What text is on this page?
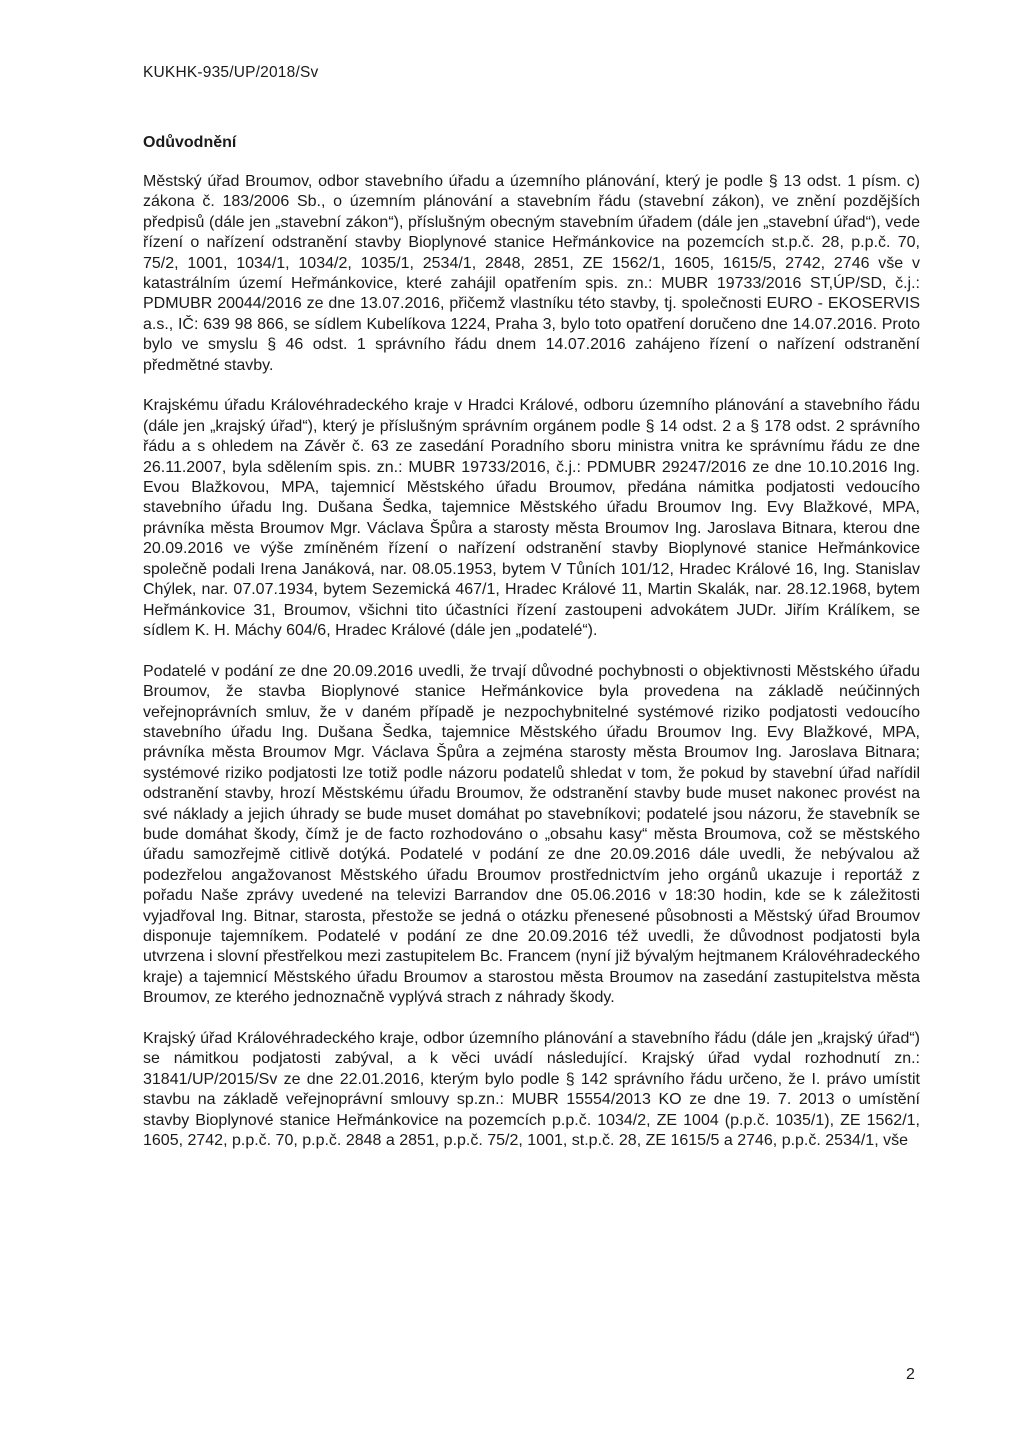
KUKHK-935/UP/2018/Sv
Odůvodnění

Městský úřad Broumov, odbor stavebního úřadu a územního plánování, který je podle § 13 odst. 1 písm. c) zákona č. 183/2006 Sb., o územním plánování a stavebním řádu (stavební zákon), ve znění pozdějších předpisů (dále jen „stavební zákon“), příslušným obecným stavebním úřadem (dále jen „stavební úřad“), vede řízení o nařízení odstranění stavby Bioplynové stanice Heřmánkovice na pozemcích st.p.č. 28, p.p.č. 70, 75/2, 1001, 1034/1, 1034/2, 1035/1, 2534/1, 2848, 2851, ZE 1562/1, 1605, 1615/5, 2742, 2746 vše v katastrálním území Heřmánkovice, které zahájil opatřením spis. zn.: MUBR 19733/2016 ST,ÚP/SD, č.j.: PDMUBR 20044/2016 ze dne 13.07.2016, přičemž vlastníku této stavby, tj. společnosti EURO - EKOSERVIS a.s., IČ: 639 98 866, se sídlem Kubelíkova 1224, Praha 3, bylo toto opatření doručeno dne 14.07.2016. Proto bylo ve smyslu § 46 odst. 1 správního řádu dnem 14.07.2016 zahájeno řízení o nařízení odstranění předmětné stavby.

Krajskému úřadu Královéhradeckého kraje v Hradci Králové, odboru územního plánování a stavebního řádu (dále jen „krajský úřad“), který je příslušným správním orgánem podle § 14 odst. 2 a § 178 odst. 2 správního řádu a s ohledem na Závěr č. 63 ze zasedání Poradního sboru ministra vnitra ke správnímu řádu ze dne 26.11.2007, byla sdělením spis. zn.: MUBR 19733/2016, č.j.: PDMUBR 29247/2016 ze dne 10.10.2016 Ing. Evou Blažkovou, MPA, tajemnicí Městského úřadu Broumov, předána námitka podjatosti vedoucího stavebního úřadu Ing. Dušana Šedka, tajemnice Městského úřadu Broumov Ing. Evy Blažkové, MPA, právníka města Broumov Mgr. Václava Špůra a starosty města Broumov Ing. Jaroslava Bitnara, kterou dne 20.09.2016 ve výše zmíněném řízení o nařízení odstranění stavby Bioplynové stanice Heřmánkovice společně podali Irena Janáková, nar. 08.05.1953, bytem V Tůních 101/12, Hradec Králové 16, Ing. Stanislav Chýlek, nar. 07.07.1934, bytem Sezemická 467/1, Hradec Králové 11, Martin Skalák, nar. 28.12.1968, bytem Heřmánkovice 31, Broumov, všichni tito účastníci řízení zastoupeni advokátem JUDr. Jiřím Králíkem, se sídlem K. H. Máchy 604/6, Hradec Králové (dále jen „podatelé“).

Podatelé v podání ze dne 20.09.2016 uvedli, že trvají důvodné pochybnosti o objektivnosti Městského úřadu Broumov, že stavba Bioplynové stanice Heřmánkovice byla provedena na základě neúčinných veřejnoprávních smluv, že v daném případě je nezpochybnitelné systémové riziko podjatosti vedoucího stavebního úřadu Ing. Dušana Šedka, tajemnice Městského úřadu Broumov Ing. Evy Blažkové, MPA, právníka města Broumov Mgr. Václava Špůra a zejména starosty města Broumov Ing. Jaroslava Bitnara; systémové riziko podjatosti lze totiž podle názoru podatelů shledat v tom, že pokud by stavební úřad nařídil odstranění stavby, hrozí Městskému úřadu Broumov, že odstranění stavby bude muset nakonec provést na své náklady a jejich úhrady se bude muset domáhat po stavebníkovi; podatelé jsou názoru, že stavebník se bude domáhat škody, čímž je de facto rozhodováno o „obsahu kasy“ města Broumova, což se městského úřadu samozřejmě citlivě dotýká. Podatelé v podání ze dne 20.09.2016 dále uvedli, že nebývalou až podezřelou angažovanost Městského úřadu Broumov prostřednictvím jeho orgánů ukazuje i reportáž z pořadu Naše zprávy uvedené na televizi Barrandov dne 05.06.2016 v 18:30 hodin, kde se k záležitosti vyjadřoval Ing. Bitnar, starosta, přestože se jedná o otázku přenesené působnosti a Městský úřad Broumov disponuje tajemníkem. Podatelé v podání ze dne 20.09.2016 též uvedli, že důvodnost podjatosti byla utvrzena i slovní přestřelkou mezi zastupitelem Bc. Francem (nyní již bývalým hejtmanem Královéhradeckého kraje) a tajemnicí Městského úřadu Broumov a starostou města Broumov na zasedání zastupitelstva města Broumov, ze kterého jednoznačně vyplývá strach z náhrady škody.

Krajský úřad Královéhradeckého kraje, odbor územního plánování a stavebního řádu (dále jen „krajský úřad“) se námitkou podjatosti zabýval, a k věci uvádí následující. Krajský úřad vydal rozhodnutí zn.: 31841/UP/2015/Sv ze dne 22.01.2016, kterým bylo podle § 142 správního řádu určeno, že I. právo umístit stavbu na základě veřejnoprávní smlouvy sp.zn.: MUBR 15554/2013 KO ze dne 19. 7. 2013 o umístění stavby Bioplynové stanice Heřmánkovice na pozemcích p.p.č. 1034/2, ZE 1004 (p.p.č. 1035/1), ZE 1562/1, 1605, 2742, p.p.č. 70, p.p.č. 2848 a 2851, p.p.č. 75/2, 1001, st.p.č. 28, ZE 1615/5 a 2746, p.p.č. 2534/1, vše

2
